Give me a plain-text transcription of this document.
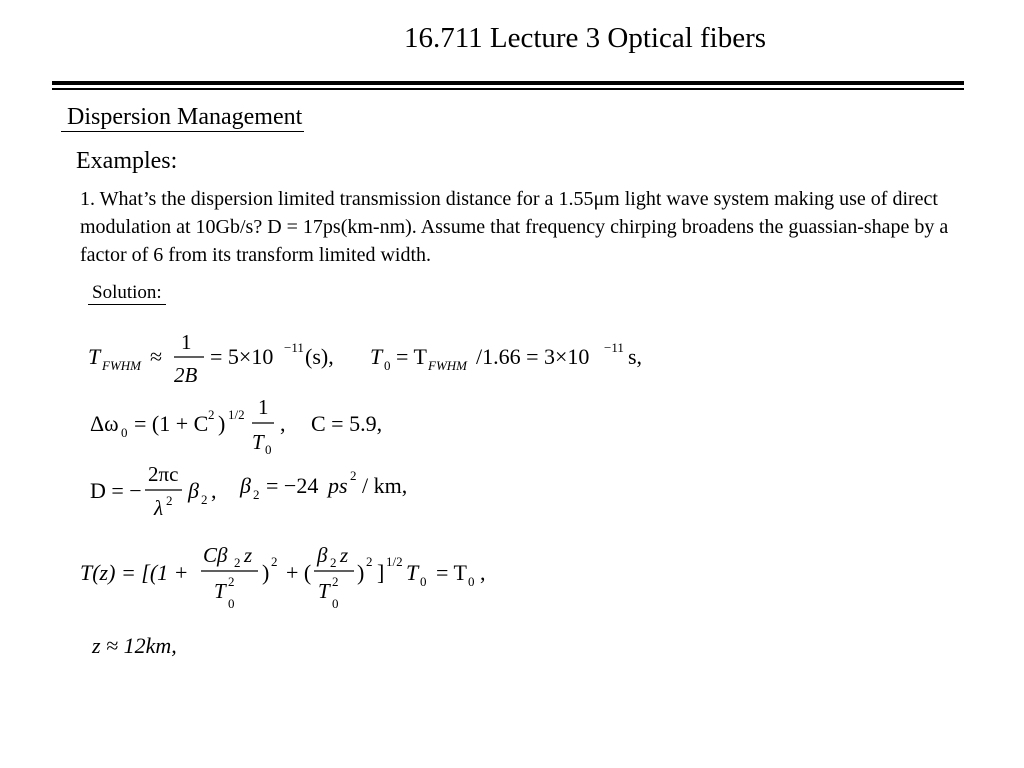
16.711 Lecture 3 Optical fibers
Dispersion Management
Examples:
1. What’s the dispersion limited transmission distance for a 1.55μm light wave system making use of direct modulation at 10Gb/s? D = 17ps(km-nm). Assume that frequency chirping broadens the guassian-shape by a factor of 6 from its transform limited width.
Solution:
T FWHM ≈
1
2B
= 5×10 −11 (s), T 0 = T FWHM /1.66 = 3×10 −11 s,
Δω 0 = (1 + C 2 ) 1/2 1
T 0
, C = 5.9,
D = −
2πc
λ 2 β 2 , β 2 = −24 ps 2 / km,
T(z) = [(1 +
Cβ 2 z
T
0
2 ) 2 + (
β 2 z
T
0
2 ) 2 ] 1/2 T 0 = T 0 ,
z ≈ 12km,
